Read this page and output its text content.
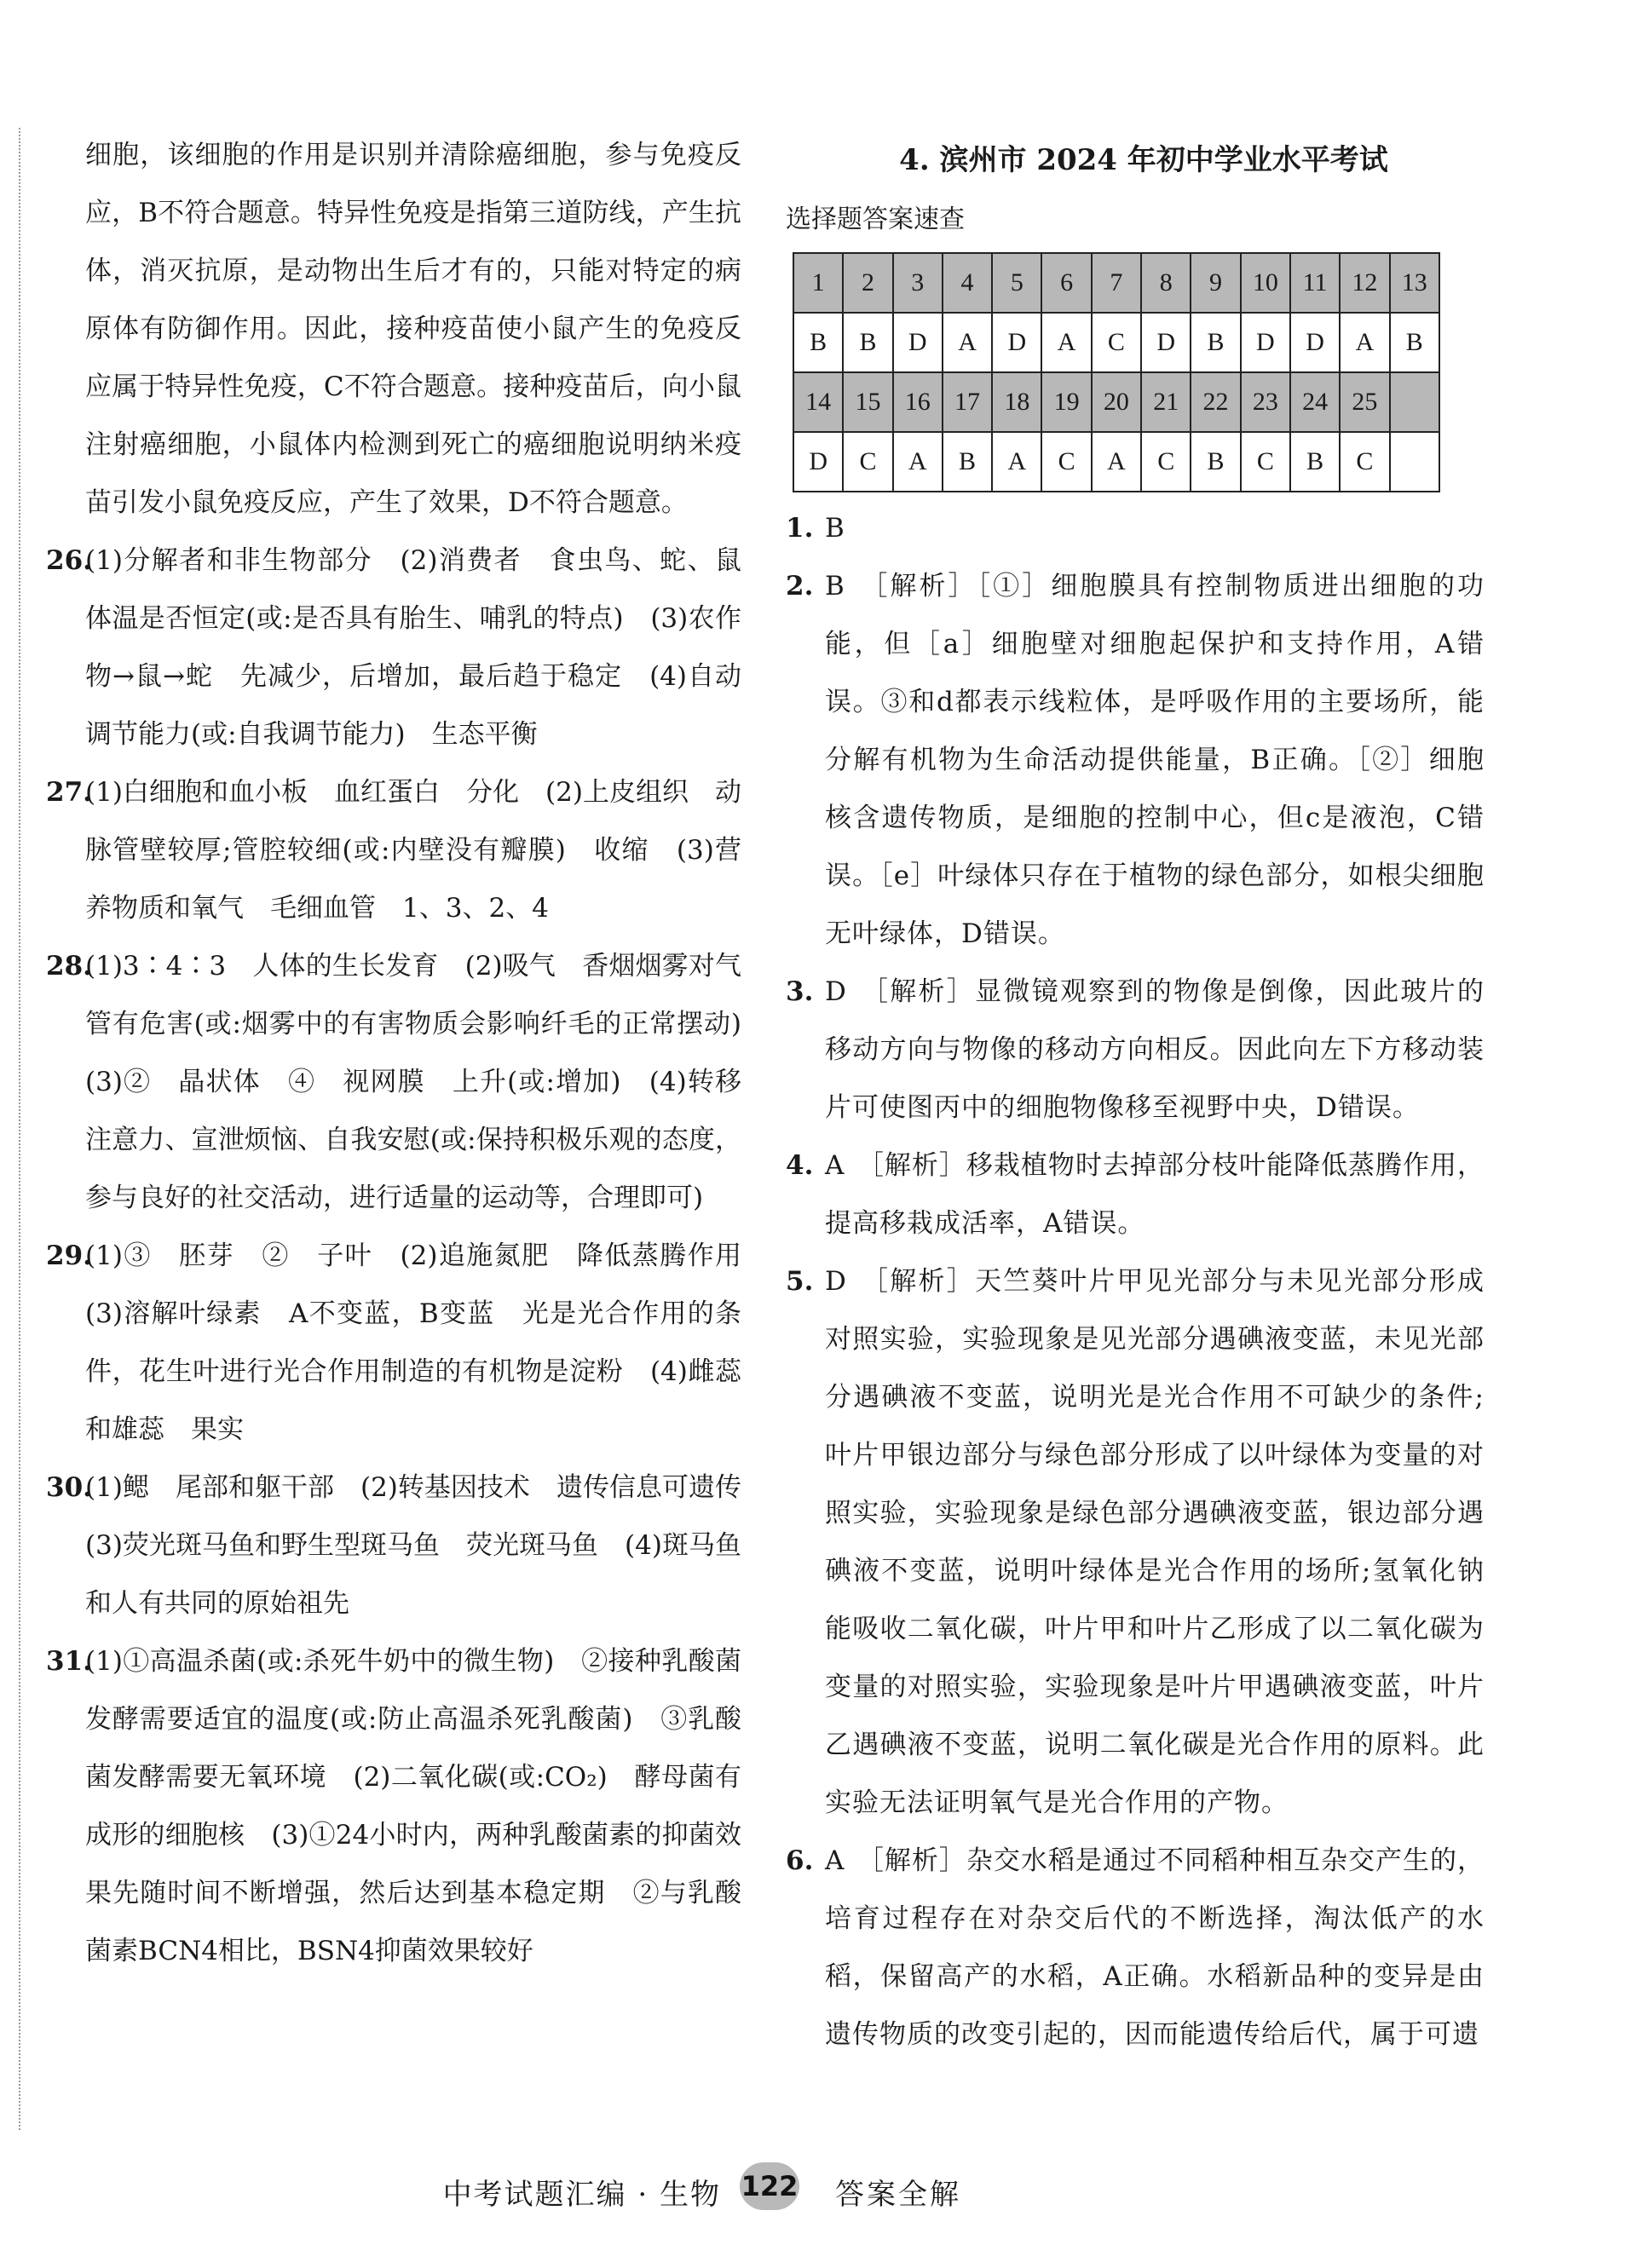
细胞，该细胞的作用是识别并清除癌细胞，参与免疫反应，B不符合题意。特异性免疫是指第三道防线，产生抗体，消灭抗原，是动物出生后才有的，只能对特定的病原体有防御作用。因此，接种疫苗使小鼠产生的免疫反应属于特异性免疫，C不符合题意。接种疫苗后，向小鼠注射癌细胞，小鼠体内检测到死亡的癌细胞说明纳米疫苗引发小鼠免疫反应，产生了效果，D不符合题意。

26.(1)分解者和非生物部分　(2)消费者　食虫鸟、蛇、鼠　体温是否恒定(或:是否具有胎生、哺乳的特点)　(3)农作物→鼠→蛇　先减少，后增加，最后趋于稳定　(4)自动调节能力(或:自我调节能力)　生态平衡

27.(1)白细胞和血小板　血红蛋白　分化　(2)上皮组织　动脉管壁较厚;管腔较细(或:内壁没有瓣膜)　收缩　(3)营养物质和氧气　毛细血管　1、3、2、4

28.(1)3∶4∶3　人体的生长发育　(2)吸气　香烟烟雾对气管有危害(或:烟雾中的有害物质会影响纤毛的正常摆动)　(3)②　晶状体　④　视网膜　上升(或:增加)　(4)转移注意力、宣泄烦恼、自我安慰(或:保持积极乐观的态度，参与良好的社交活动，进行适量的运动等，合理即可)

29.(1)③　胚芽　②　子叶　(2)追施氮肥　降低蒸腾作用　(3)溶解叶绿素　A不变蓝，B变蓝　光是光合作用的条件，花生叶进行光合作用制造的有机物是淀粉　(4)雌蕊和雄蕊　果实

30.(1)鳃　尾部和躯干部　(2)转基因技术　遗传信息可遗传　(3)荧光斑马鱼和野生型斑马鱼　荧光斑马鱼　(4)斑马鱼和人有共同的原始祖先

31.(1)①高温杀菌(或:杀死牛奶中的微生物)　②接种乳酸菌发酵需要适宜的温度(或:防止高温杀死乳酸菌)　③乳酸菌发酵需要无氧环境　(2)二氧化碳(或:CO₂)　酵母菌有成形的细胞核　(3)①24小时内，两种乳酸菌素的抑菌效果先随时间不断增强，然后达到基本稳定期　②与乳酸菌素BCN4相比，BSN4抑菌效果较好

4. 滨州市 2024 年初中学业水平考试

选择题答案速查

1	2	3	4	5	6	7	8	9	10	11	12	13
B	B	D	A	D	A	C	D	B	D	D	A	B
14	15	16	17	18	19	20	21	22	23	24	25	
D	C	A	B	A	C	A	C	B	C	B	C	

1. B

2. B　 ［解析］［①］细胞膜具有控制物质进出细胞的功能，但［a］细胞壁对细胞起保护和支持作用，A错误。③和d都表示线粒体，是呼吸作用的主要场所，能分解有机物为生命活动提供能量，B正确。［②］细胞核含遗传物质，是细胞的控制中心，但c是液泡，C错误。［e］叶绿体只存在于植物的绿色部分，如根尖细胞无叶绿体，D错误。

3. D　 ［解析］显微镜观察到的物像是倒像，因此玻片的移动方向与物像的移动方向相反。因此向左下方移动装片可使图丙中的细胞物像移至视野中央，D错误。

4. A　 ［解析］移栽植物时去掉部分枝叶能降低蒸腾作用，提高移栽成活率，A错误。

5. D　 ［解析］天竺葵叶片甲见光部分与未见光部分形成对照实验，实验现象是见光部分遇碘液变蓝，未见光部分遇碘液不变蓝，说明光是光合作用不可缺少的条件;叶片甲银边部分与绿色部分形成了以叶绿体为变量的对照实验，实验现象是绿色部分遇碘液变蓝，银边部分遇碘液不变蓝，说明叶绿体是光合作用的场所;氢氧化钠能吸收二氧化碳，叶片甲和叶片乙形成了以二氧化碳为变量的对照实验，实验现象是叶片甲遇碘液变蓝，叶片乙遇碘液不变蓝，说明二氧化碳是光合作用的原料。此实验无法证明氧气是光合作用的产物。

6. A　 ［解析］杂交水稻是通过不同稻种相互杂交产生的，培育过程存在对杂交后代的不断选择，淘汰低产的水稻，保留高产的水稻，A正确。水稻新品种的变异是由遗传物质的改变引起的，因而能遗传给后代，属于可遗

中考试题汇编 · 生物 122 答案全解
